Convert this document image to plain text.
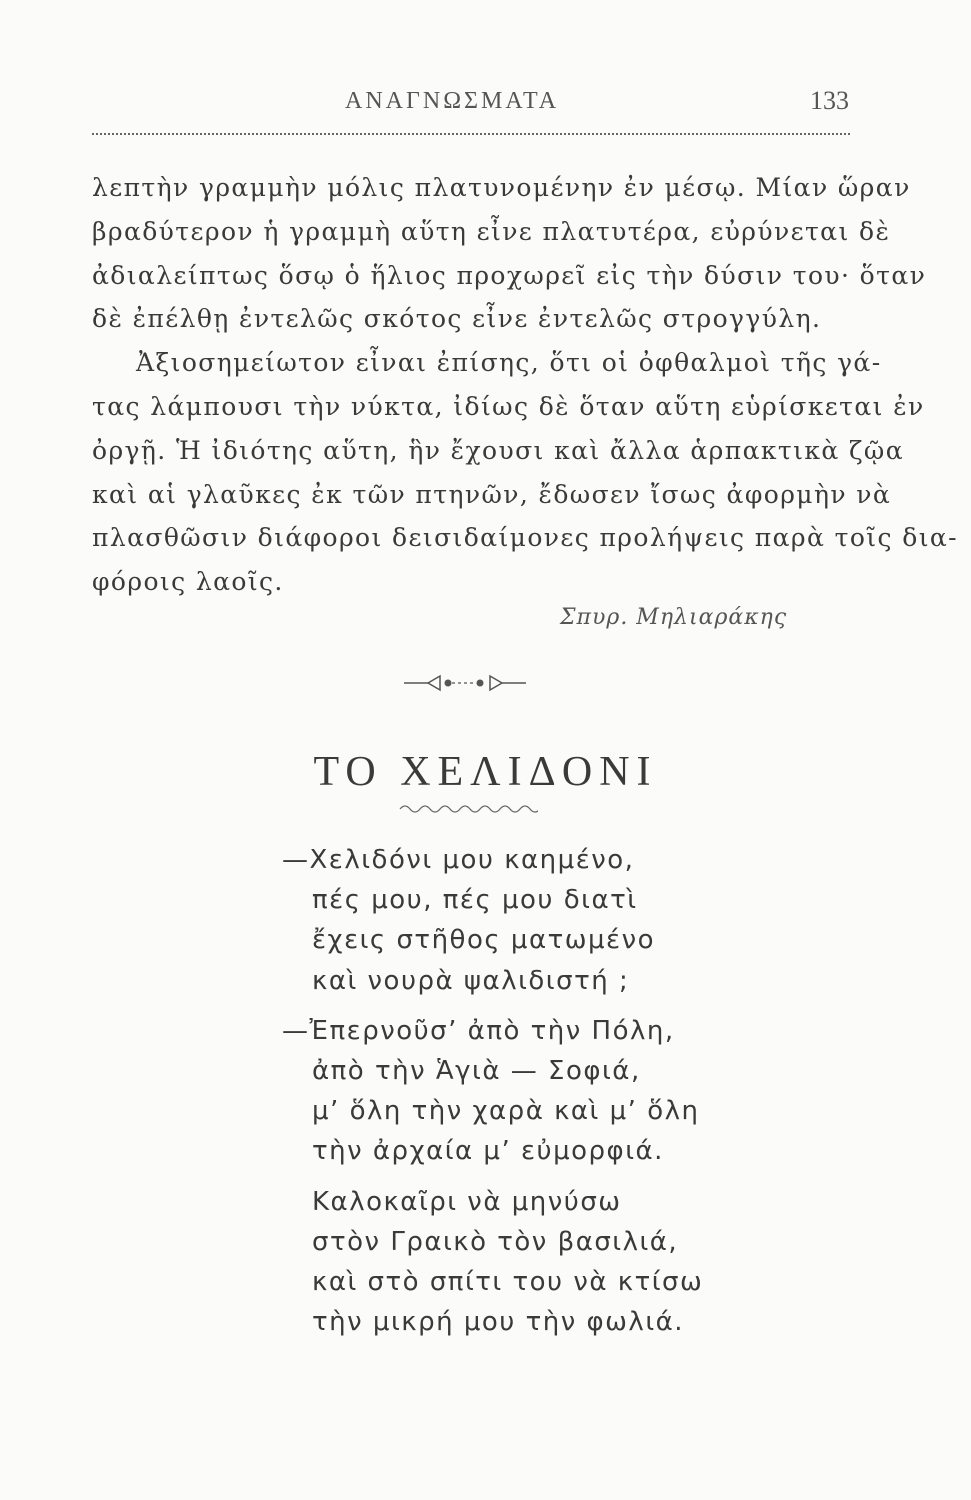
ΑΝΑΓΝΩΣΜΑΤΑ	133
λεπτὴν γραμμὴν μόλις πλατυνομένην ἐν μέσῳ. Μίαν ὥραν
βραδύτερον ἡ γραμμὴ αὕτη εἶνε πλατυτέρα, εὐρύνεται δὲ
ἀδιαλείπτως ὅσῳ ὁ ἥλιος προχωρεῖ εἰς τὴν δύσιν του· ὅταν
δὲ ἐπέλθῃ ἐντελῶς σκότος εἶνε ἐντελῶς στρογγύλη.
Ἀξιοσημείωτον εἶναι ἐπίσης, ὅτι οἱ ὀφθαλμοὶ τῆς γά-
τας λάμπουσι τὴν νύκτα, ἰδίως δὲ ὅταν αὕτη εὑρίσκεται ἐν
ὀργῇ. Ἡ ἰδιότης αὕτη, ἣν ἔχουσι καὶ ἄλλα ἁρπακτικὰ ζῷα
καὶ αἱ γλαῦκες ἐκ τῶν πτηνῶν, ἔδωσεν ἴσως ἀφορμὴν νὰ
πλασθῶσιν διάφοροι δεισιδαίμονες προλήψεις παρὰ τοῖς δια-
φόροις λαοῖς.
Σπυρ. Μηλιαράκης
ΤΟ ΧΕΛΙΔΟΝΙ
—Χελιδόνι μου καημένο,
πές μου, πές μου διατὶ
ἔχεις στῆθος ματωμένο
καὶ νουρὰ ψαλιδιστή ;
—Ἐπερνοῦσ’ ἀπὸ τὴν Πόλη,
ἀπὸ τὴν Ἁγιὰ — Σοφιά,
μ’ ὅλη τὴν χαρὰ καὶ μ’ ὅλη
τὴν ἀρχαία μ’ εὐμορφιά.
Καλοκαῖρι νὰ μηνύσω
στὸν Γραικὸ τὸν βασιλιά,
καὶ στὸ σπίτι του νὰ κτίσω
τὴν μικρή μου τὴν φωλιά.
